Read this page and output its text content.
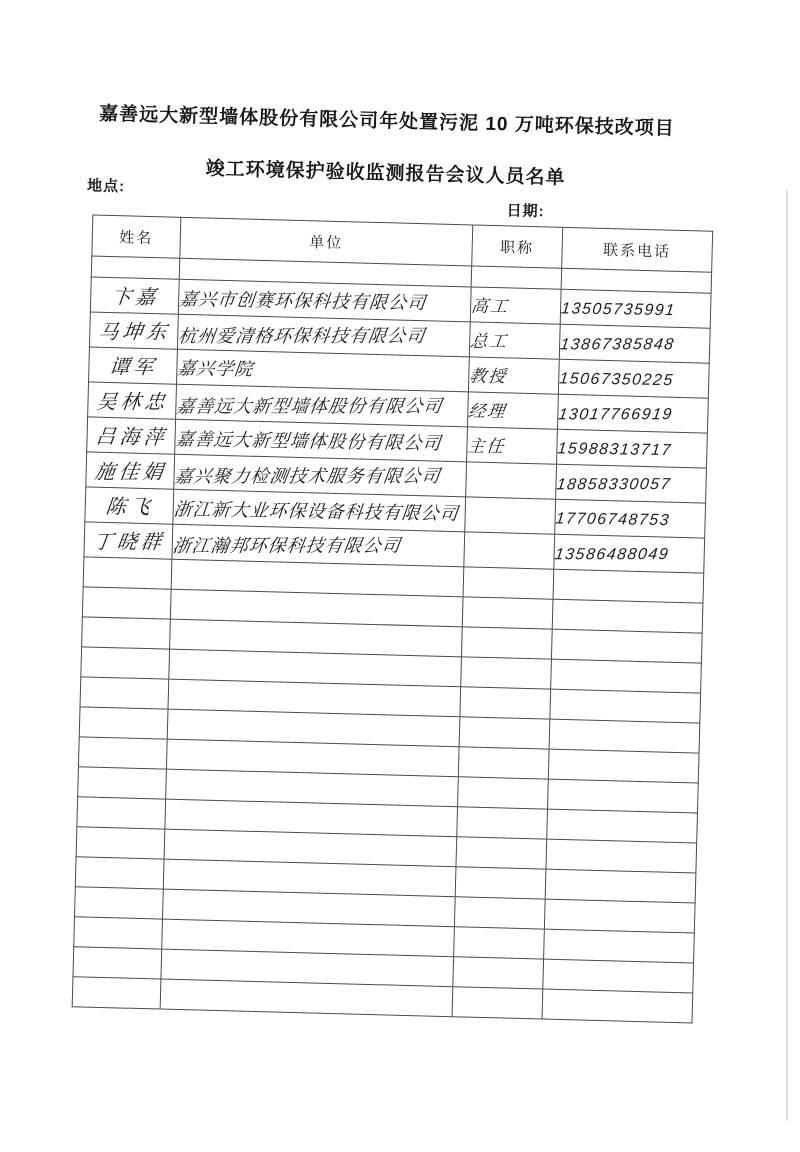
嘉善远大新型墙体股份有限公司年处置污泥 10 万吨环保技改项目
竣工环境保护验收监测报告会议人员名单
地点:
日期:
姓名	单位	职称	联系电话

卞嘉	嘉兴市创赛环保科技有限公司	高工	13505735991
马坤东	杭州爱清格环保科技有限公司	总工	13867385848
谭军	嘉兴学院	教授	15067350225
吴林忠	嘉善远大新型墙体股份有限公司	经理	13017766919
吕海萍	嘉善远大新型墙体股份有限公司	主任	15988313717
施佳娟	嘉兴聚力检测技术服务有限公司		18858330057
陈飞	浙江新大业环保设备科技有限公司		17706748753
丁晓群	浙江瀚邦环保科技有限公司		13586488049
